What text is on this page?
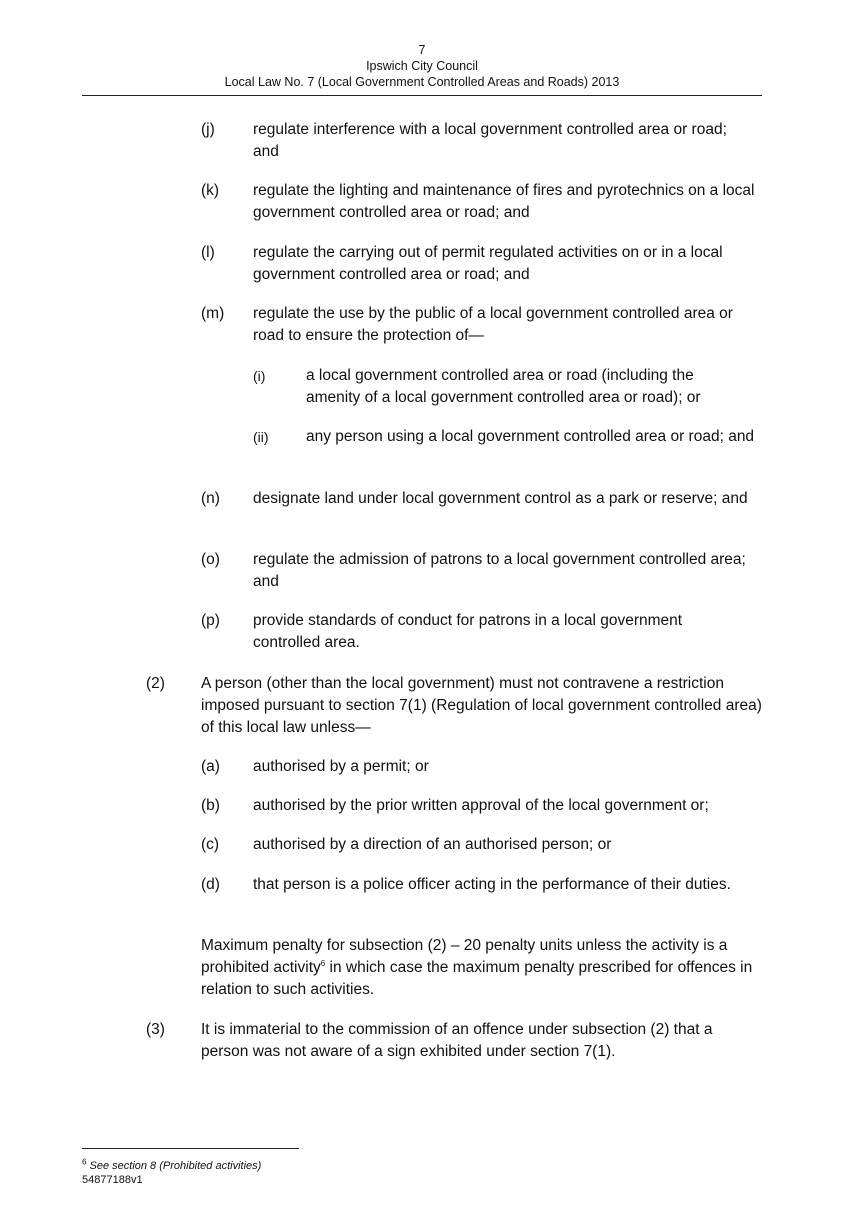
7
Ipswich City Council
Local Law No. 7 (Local Government Controlled Areas and Roads) 2013
(j) regulate interference with a local government controlled area or road; and
(k) regulate the lighting and maintenance of fires and pyrotechnics on a local government controlled area or road; and
(l) regulate the carrying out of permit regulated activities on or in a local government controlled area or road; and
(m) regulate the use by the public of a local government controlled area or road to ensure the protection of—
(i)	a local government controlled area or road (including the amenity of a local government controlled area or road); or
(ii) any person using a local government controlled area or road; and
(n) designate land under local government control as a park or reserve; and
(o) regulate the admission of patrons to a local government controlled area; and
(p) provide standards of conduct for patrons in a local government controlled area.
(2) A person (other than the local government) must not contravene a restriction imposed pursuant to section 7(1) (Regulation of local government controlled area) of this local law unless—
(a) authorised by a permit; or
(b) authorised by the prior written approval of the local government or;
(c) authorised by a direction of an authorised person; or
(d) that person is a police officer acting in the performance of their duties.
Maximum penalty for subsection (2) – 20 penalty units unless the activity is a prohibited activity$^6$ in which case the maximum penalty prescribed for offences in relation to such activities.
(3) It is immaterial to the commission of an offence under subsection (2) that a person was not aware of a sign exhibited under section 7(1).
$^6$ See section 8 (Prohibited activities)
54877188v1
